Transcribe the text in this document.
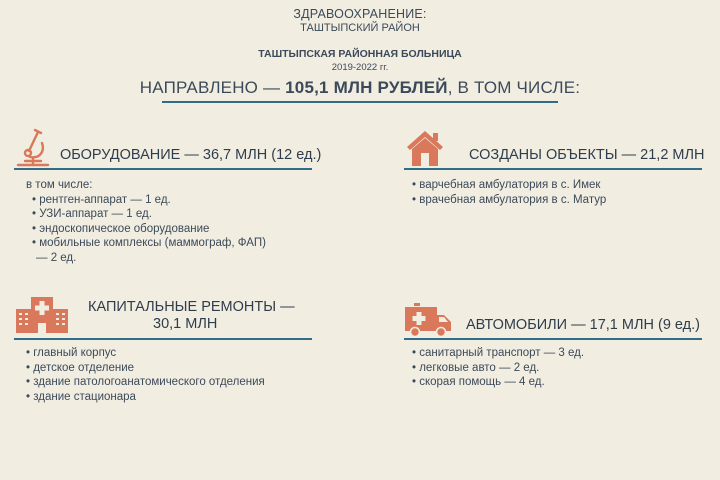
ЗДРАВООХРАНЕНИЕ:
ТАШТЫПСКИЙ РАЙОН
ТАШТЫПСКАЯ РАЙОННАЯ БОЛЬНИЦА
2019-2022 гг.
НАПРАВЛЕНО — 105,1 МЛН РУБЛЕЙ, В ТОМ ЧИСЛЕ:
ОБОРУДОВАНИЕ — 36,7 МЛН (12 ед.)
в том числе:
• рентген-аппарат — 1 ед.
• УЗИ-аппарат — 1 ед.
• эндоскопическое оборудование
• мобильные комплексы (маммограф, ФАП)
— 2 ед.
СОЗДАНЫ ОБЪЕКТЫ — 21,2 МЛН
• варчебная амбулатория в с. Имек
• врачебная амбулатория в с. Матур
КАПИТАЛЬНЫЕ РЕМОНТЫ —
30,1 МЛН
• главный корпус
• детское отделение
• здание патологоанатомического отделения
• здание стационара
АВТОМОБИЛИ — 17,1 МЛН (9 ед.)
• санитарный транспорт — 3 ед.
• легковые авто — 2 ед.
• скорая помощь — 4 ед.
